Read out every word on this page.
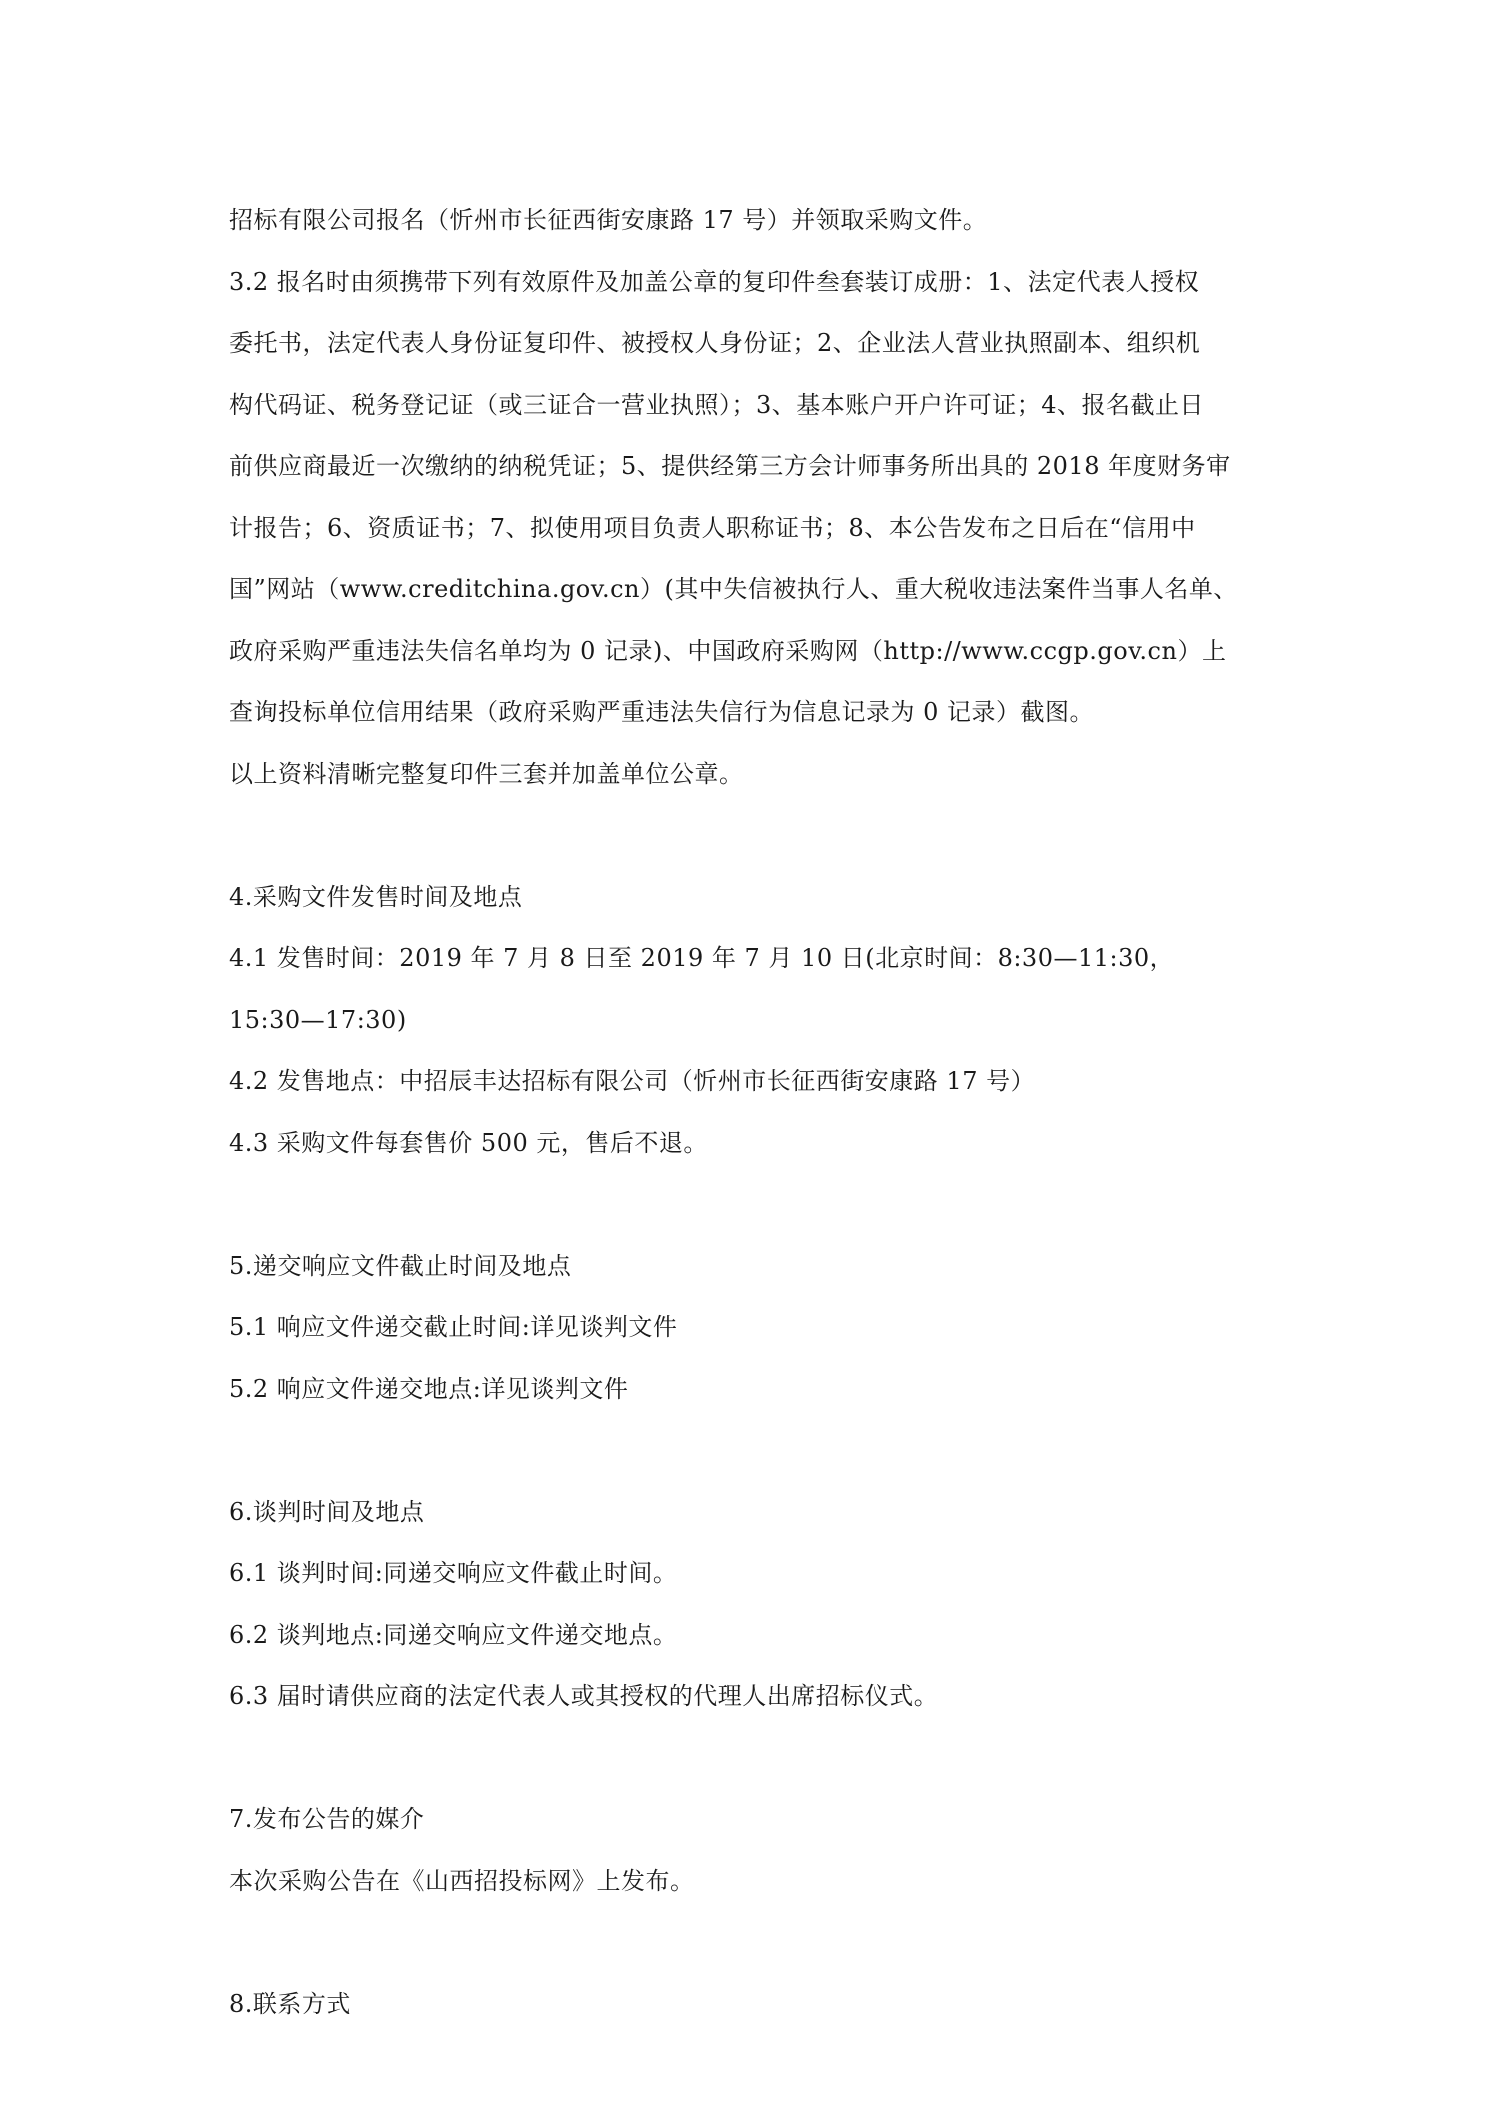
招标有限公司报名（忻州市长征西街安康路 17 号）并领取采购文件。

3.2 报名时由须携带下列有效原件及加盖公章的复印件叁套装订成册：1、法定代表人授权

委托书，法定代表人身份证复印件、被授权人身份证；2、企业法人营业执照副本、组织机

构代码证、税务登记证（或三证合一营业执照）；3、基本账户开户许可证；4、报名截止日

前供应商最近一次缴纳的纳税凭证；5、提供经第三方会计师事务所出具的 2018 年度财务审

计报告；6、资质证书；7、拟使用项目负责人职称证书；8、本公告发布之日后在“信用中

国”网站（www.creditchina.gov.cn）(其中失信被执行人、重大税收违法案件当事人名单、

政府采购严重违法失信名单均为 0 记录)、中国政府采购网（http://www.ccgp.gov.cn）上

查询投标单位信用结果（政府采购严重违法失信行为信息记录为 0 记录）截图。

以上资料清晰完整复印件三套并加盖单位公章。

4.采购文件发售时间及地点

4.1 发售时间：2019 年 7 月 8 日至 2019 年 7 月 10 日(北京时间：8:30—11:30，

15:30—17:30)

4.2 发售地点：中招辰丰达招标有限公司（忻州市长征西街安康路 17 号）

4.3 采购文件每套售价 500 元，售后不退。

5.递交响应文件截止时间及地点

5.1 响应文件递交截止时间:详见谈判文件

5.2 响应文件递交地点:详见谈判文件

6.谈判时间及地点

6.1 谈判时间:同递交响应文件截止时间。

6.2 谈判地点:同递交响应文件递交地点。

6.3 届时请供应商的法定代表人或其授权的代理人出席招标仪式。

7.发布公告的媒介

本次采购公告在《山西招投标网》上发布。

8.联系方式
